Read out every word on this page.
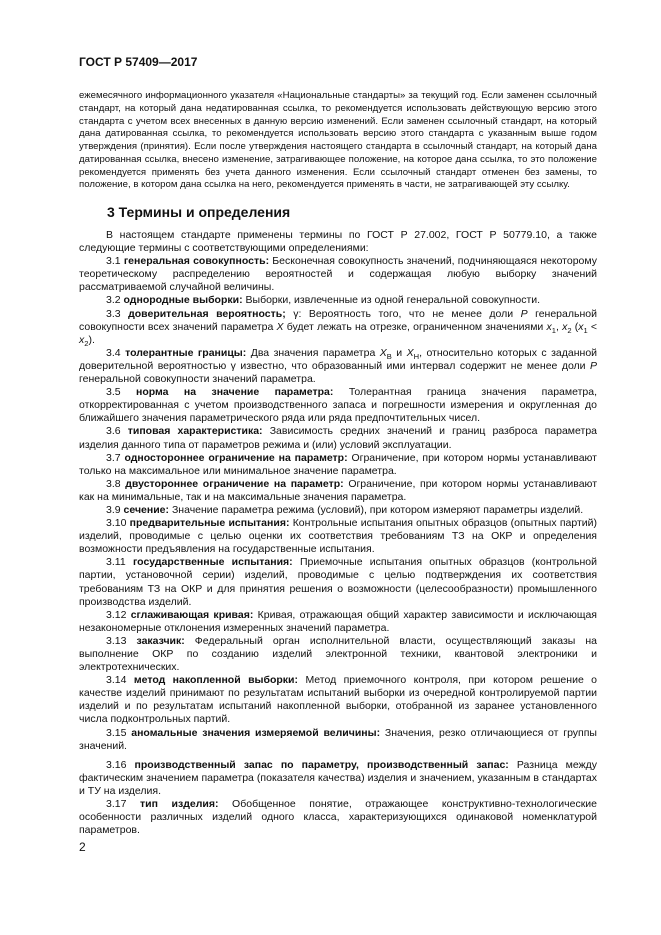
ГОСТ Р 57409—2017
ежемесячного информационного указателя «Национальные стандарты» за текущий год. Если заменен ссылочный стандарт, на который дана недатированная ссылка, то рекомендуется использовать действующую версию этого стандарта с учетом всех внесенных в данную версию изменений. Если заменен ссылочный стандарт, на который дана датированная ссылка, то рекомендуется использовать версию этого стандарта с указанным выше годом утверждения (принятия). Если после утверждения настоящего стандарта в ссылочный стандарт, на который дана датированная ссылка, внесено изменение, затрагивающее положение, на которое дана ссылка, то это положение рекомендуется применять без учета данного изменения. Если ссылочный стандарт отменен без замены, то положение, в котором дана ссылка на него, рекомендуется применять в части, не затрагивающей эту ссылку.
3 Термины и определения

В настоящем стандарте применены термины по ГОСТ Р 27.002, ГОСТ Р 50779.10, а также следующие термины с соответствующими определениями:

3.1 генеральная совокупность: Бесконечная совокупность значений, подчиняющаяся некоторому теоретическому распределению вероятностей и содержащая любую выборку значений рассматриваемой случайной величины.

3.2 однородные выборки: Выборки, извлеченные из одной генеральной совокупности.

3.3 доверительная вероятность; γ: Вероятность того, что не менее доли P генеральной совокупности всех значений параметра X будет лежать на отрезке, ограниченном значениями $x_1$, $x_2$ $(x_1 < x_2)$.

3.4 толерантные границы: Два значения параметра $X_В$ и $X_Н$, относительно которых с заданной доверительной вероятностью γ известно, что образованный ими интервал содержит не менее доли P генеральной совокупности значений параметра.

3.5 норма на значение параметра: Толерантная граница значения параметра, откорректированная с учетом производственного запаса и погрешности измерения и округленная до ближайшего значения параметрического ряда или ряда предпочтительных чисел.

3.6 типовая характеристика: Зависимость средних значений и границ разброса параметра изделия данного типа от параметров режима и (или) условий эксплуатации.

3.7 одностороннее ограничение на параметр: Ограничение, при котором нормы устанавливают только на максимальное или минимальное значение параметра.

3.8 двустороннее ограничение на параметр: Ограничение, при котором нормы устанавливают как на минимальные, так и на максимальные значения параметра.

3.9 сечение: Значение параметра режима (условий), при котором измеряют параметры изделий.

3.10 предварительные испытания: Контрольные испытания опытных образцов (опытных партий) изделий, проводимые с целью оценки их соответствия требованиям ТЗ на ОКР и определения возможности предъявления на государственные испытания.

3.11 государственные испытания: Приемочные испытания опытных образцов (контрольной партии, установочной серии) изделий, проводимые с целью подтверждения их соответствия требованиям ТЗ на ОКР и для принятия решения о возможности (целесообразности) промышленного производства изделий.

3.12 сглаживающая кривая: Кривая, отражающая общий характер зависимости и исключающая незакономерные отклонения измеренных значений параметра.

3.13 заказчик: Федеральный орган исполнительной власти, осуществляющий заказы на выполнение ОКР по созданию изделий электронной техники, квантовой электроники и электротехнических.

3.14 метод накопленной выборки: Метод приемочного контроля, при котором решение о качестве изделий принимают по результатам испытаний выборки из очередной контролируемой партии изделий и по результатам испытаний накопленной выборки, отобранной из заранее установленного числа подконтрольных партий.

3.15 аномальные значения измеряемой величины: Значения, резко отличающиеся от группы значений.

3.16 производственный запас по параметру, производственный запас: Разница между фактическим значением параметра (показателя качества) изделия и значением, указанным в стандартах и ТУ на изделия.

3.17 тип изделия: Обобщенное понятие, отражающее конструктивно-технологические особенности различных изделий одного класса, характеризующихся одинаковой номенклатурой параметров.

2
